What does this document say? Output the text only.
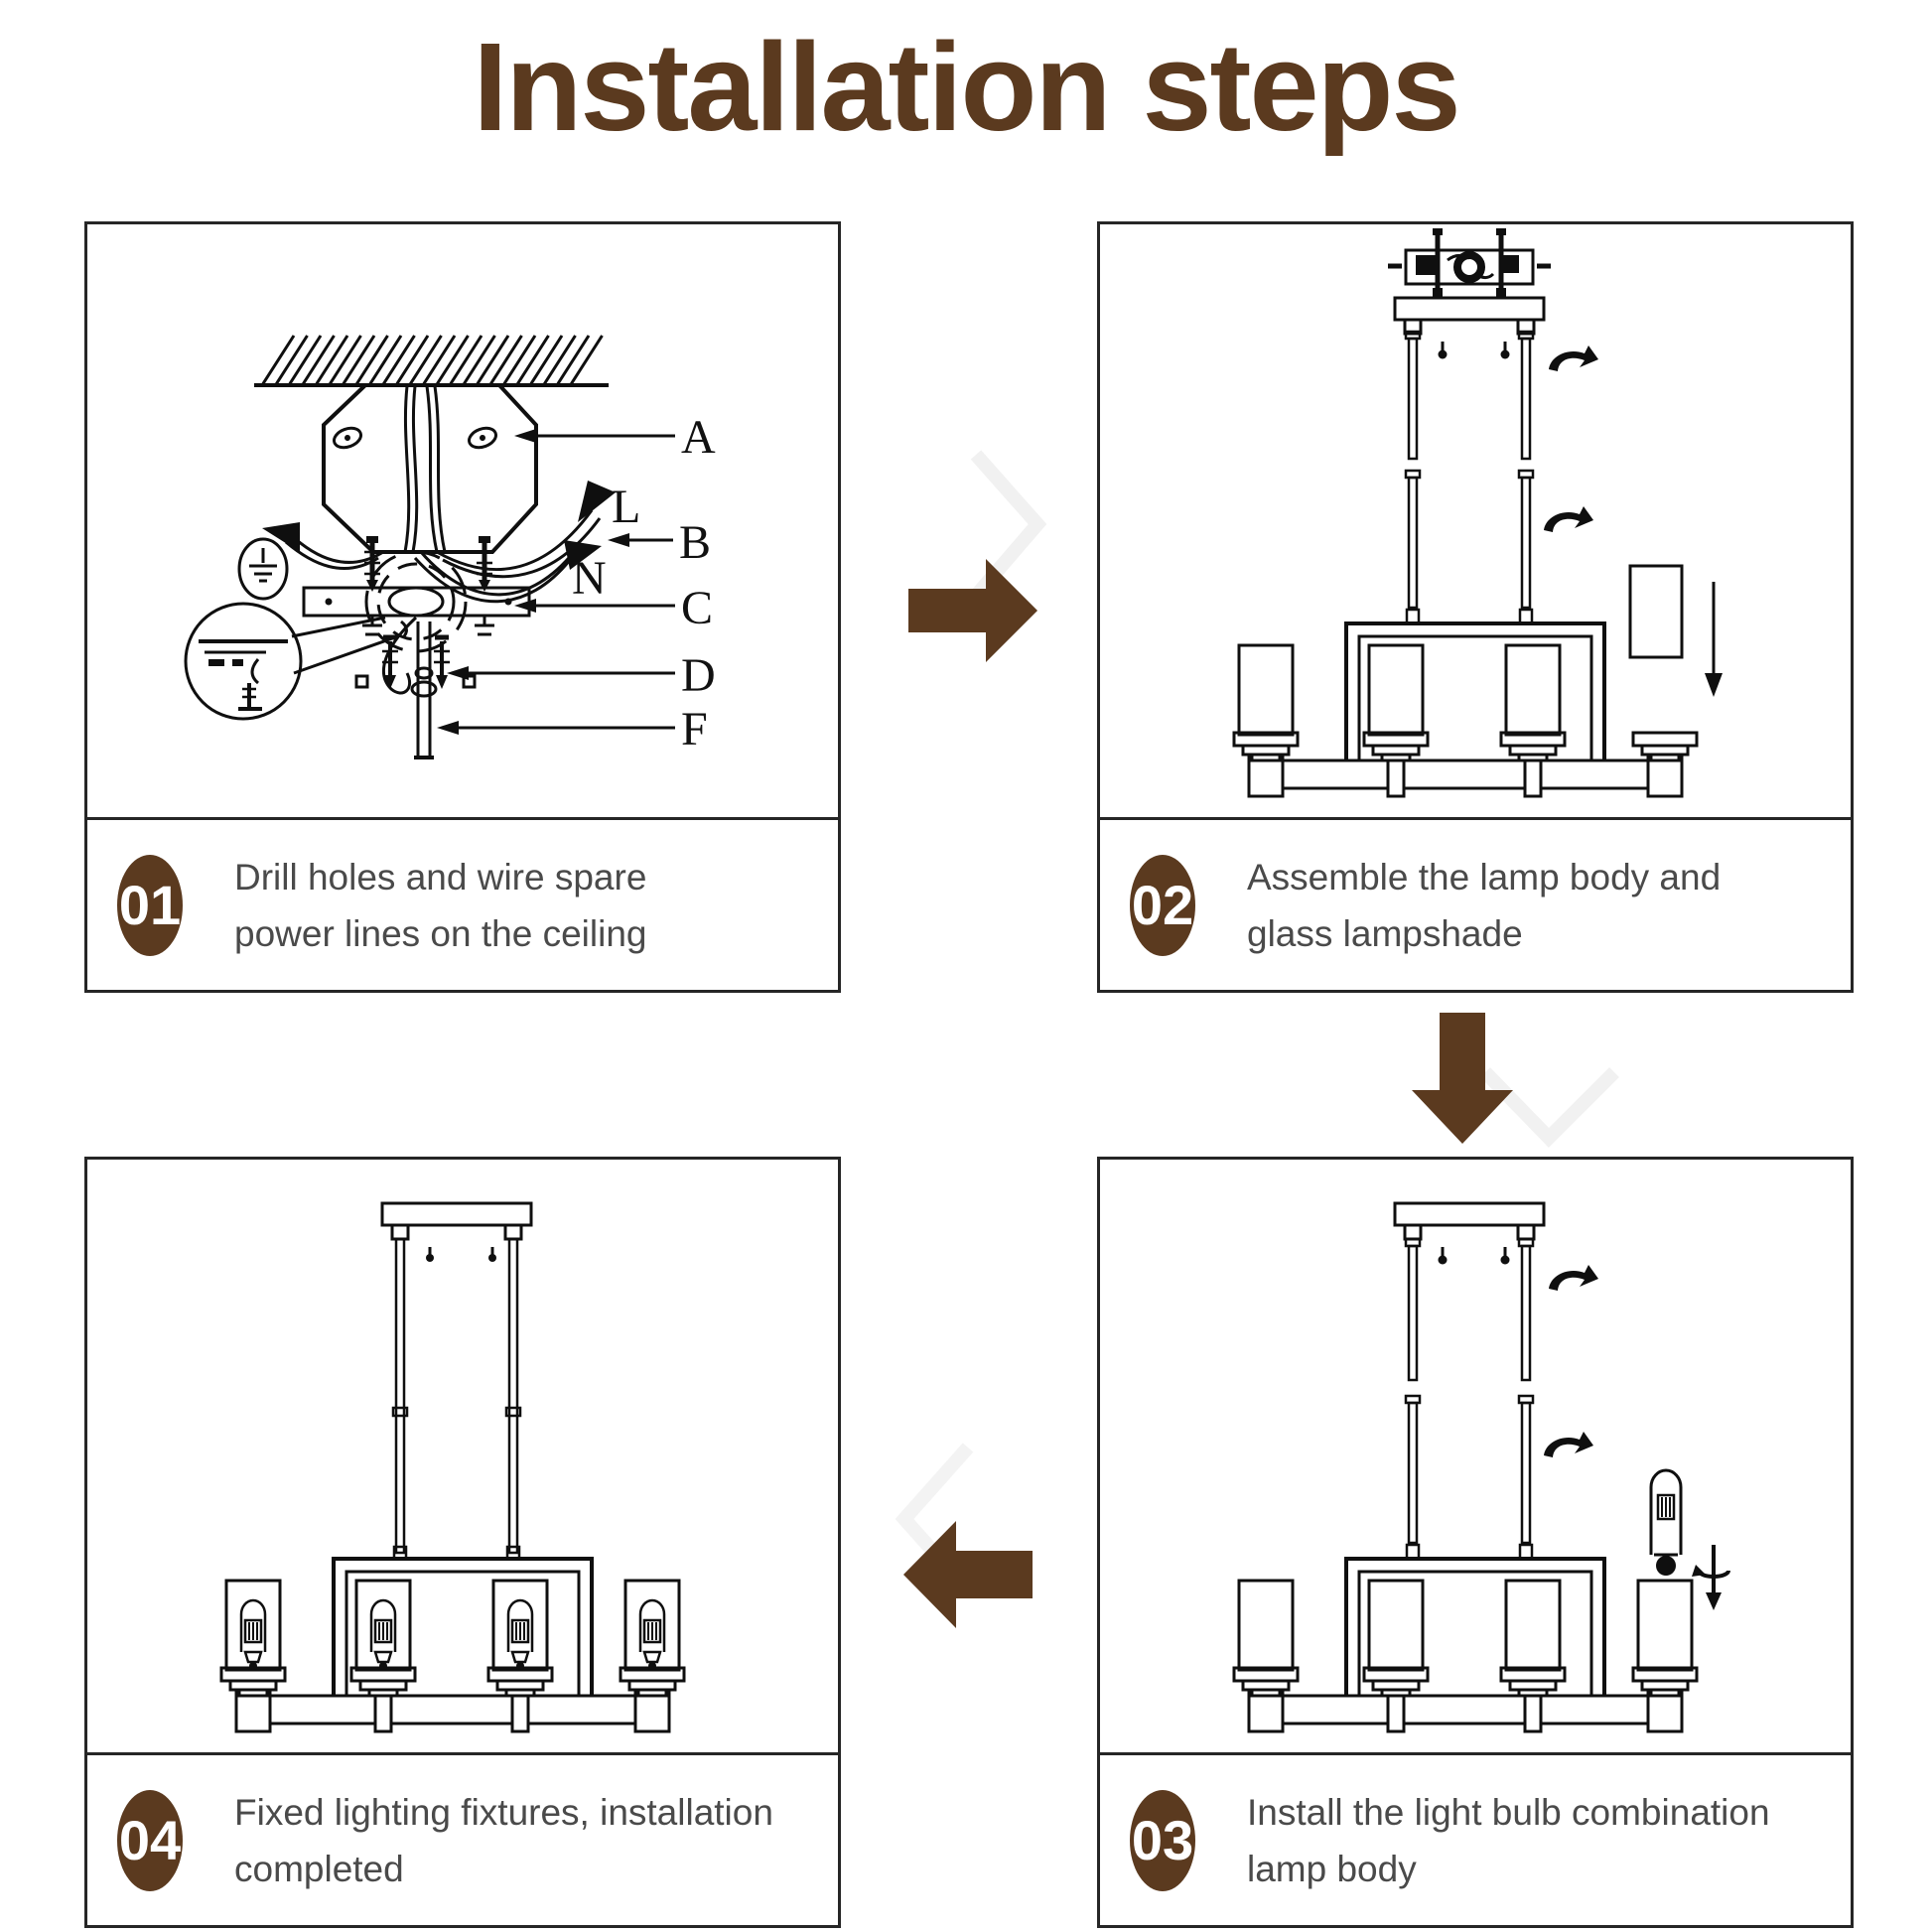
Installation steps
A
L
B
N
C
D
F
01 Drill holes and wire spare
power lines on the ceiling	02 Assemble the lamp body and
glass lampshade
03 Install the light bulb combination
lamp body
04 Fixed lighting fixtures, installation
completed
